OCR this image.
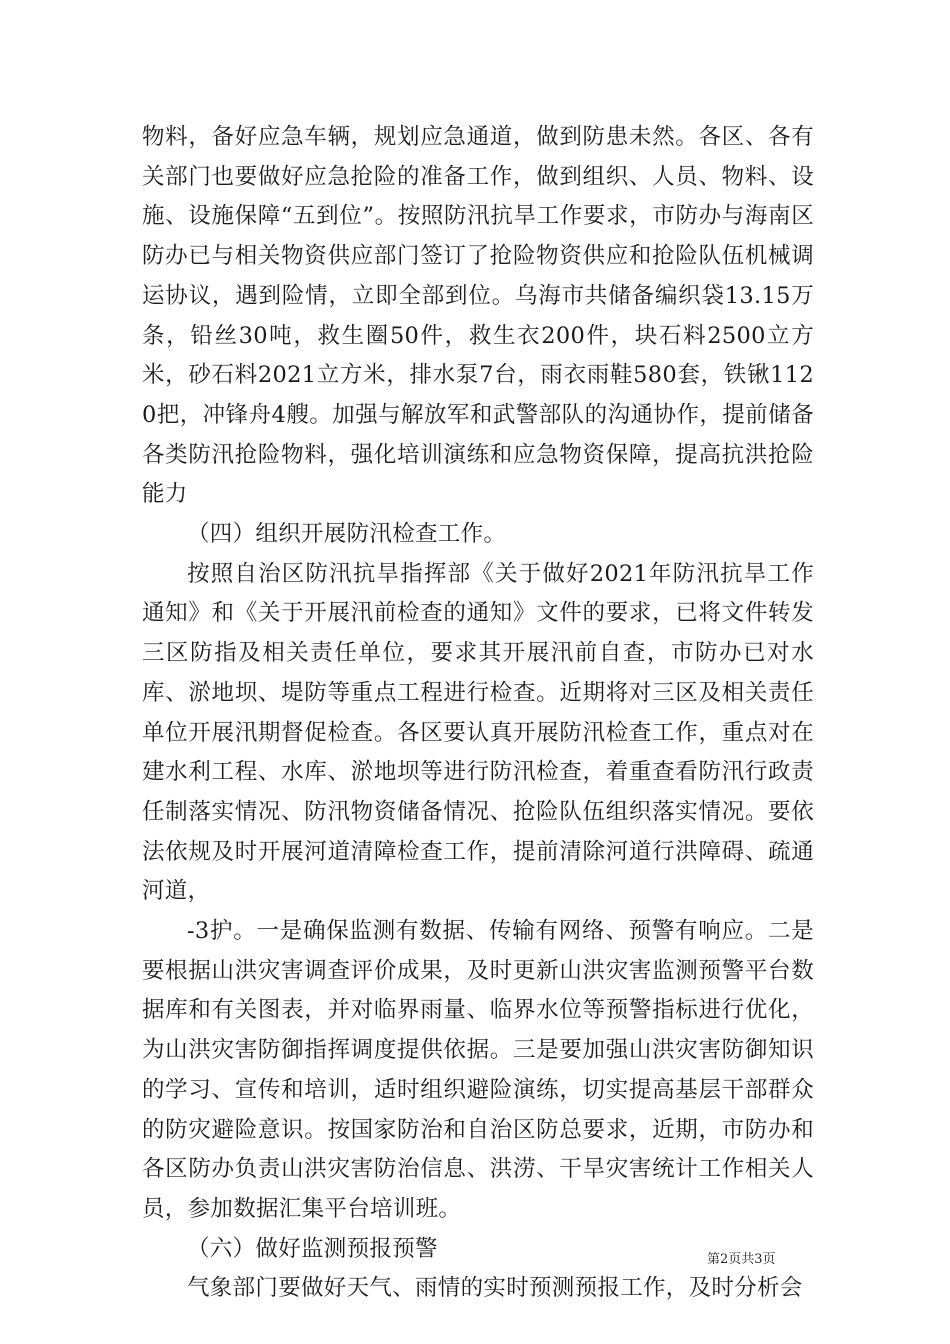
物料，备好应急车辆，规划应急通道，做到防患未然。各区、各有关部门也要做好应急抢险的准备工作，做到组织、人员、物料、设施、设施保障“五到位”。按照防汛抗旱工作要求，市防办与海南区防办已与相关物资供应部门签订了抢险物资供应和抢险队伍机械调运协议，遇到险情，立即全部到位。乌海市共储备编织袋13.15万条，铅丝30吨，救生圈50件，救生衣200件，块石料2500立方米，砂石料2021立方米，排水泵7台，雨衣雨鞋580套，铁锹1120把，冲锋舟4艘。加强与解放军和武警部队的沟通协作，提前储备各类防汛抢险物料，强化培训演练和应急物资保障，提高抗洪抢险能力

（四）组织开展防汛检查工作。

按照自治区防汛抗旱指挥部《关于做好2021年防汛抗旱工作通知》和《关于开展汛前检查的通知》文件的要求，已将文件转发三区防指及相关责任单位，要求其开展汛前自查，市防办已对水库、淤地坝、堤防等重点工程进行检查。近期将对三区及相关责任单位开展汛期督促检查。各区要认真开展防汛检查工作，重点对在建水利工程、水库、淤地坝等进行防汛检查，着重查看防汛行政责任制落实情况、防汛物资储备情况、抢险队伍组织落实情况。要依法依规及时开展河道清障检查工作，提前清除河道行洪障碍、疏通河道，

-3护。一是确保监测有数据、传输有网络、预警有响应。二是要根据山洪灾害调查评价成果，及时更新山洪灾害监测预警平台数据库和有关图表，并对临界雨量、临界水位等预警指标进行优化，为山洪灾害防御指挥调度提供依据。三是要加强山洪灾害防御知识的学习、宣传和培训，适时组织避险演练，切实提高基层干部群众的防灾避险意识。按国家防治和自治区防总要求，近期，市防办和各区防办负责山洪灾害防治信息、洪涝、干旱灾害统计工作相关人员，参加数据汇集平台培训班。

（六）做好监测预报预警

气象部门要做好天气、雨情的实时预测预报工作，及时分析会

第2页共3页
